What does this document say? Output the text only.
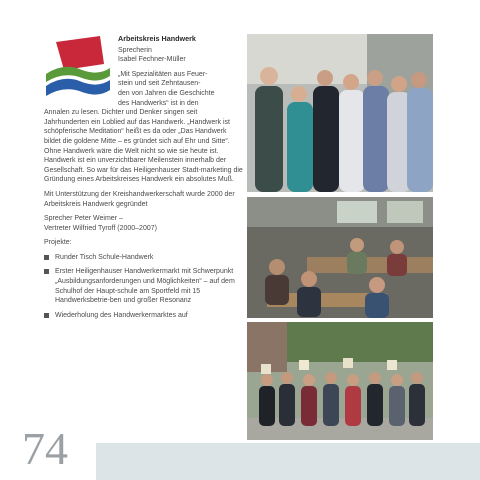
Arbeitskreis Handwerk

Sprecherin

Isabel Fechner-Müller

„Mit Spezialitäten aus Feuer-

stein und seit Zehntausen-

den von Jahren die Geschichte

des Handwerks“ ist in den

Annalen zu lesen. Dichter und Denker singen seit Jahrhunderten ein Loblied auf das Handwerk. „Handwerk ist schöpferische Meditation“ heißt es da oder „Das Handwerk bildet die goldene Mitte – es gründet sich auf Ehr und Sitte“. Ohne Handwerk wäre die Welt nicht so wie sie heute ist. Handwerk ist ein unverzichtbarer Meilenstein innerhalb der Gesellschaft. So war für das Heiligenhauser Stadt-marketing die Gründung eines Arbeitskreises Handwerk ein absolutes Muß.

Mit Unterstützung der Kreishandwerkerschaft wurde 2000 der Arbeitskreis Handwerk gegründet

Sprecher Peter Weimer –

Vertreter Wilfried Tyroff (2000–2007)

Projekte:

Runder Tisch Schule-Handwerk
Erster Heiligenhauser Handwerkermarkt mit Schwerpunkt „Ausbildungsanforderungen und Möglichkeiten“ – auf dem Schulhof der Haupt-schule am Sportfeld mit 15 Handwerksbetrie-ben und großer Resonanz
Wiederholung des Handwerkermarktes auf
74
